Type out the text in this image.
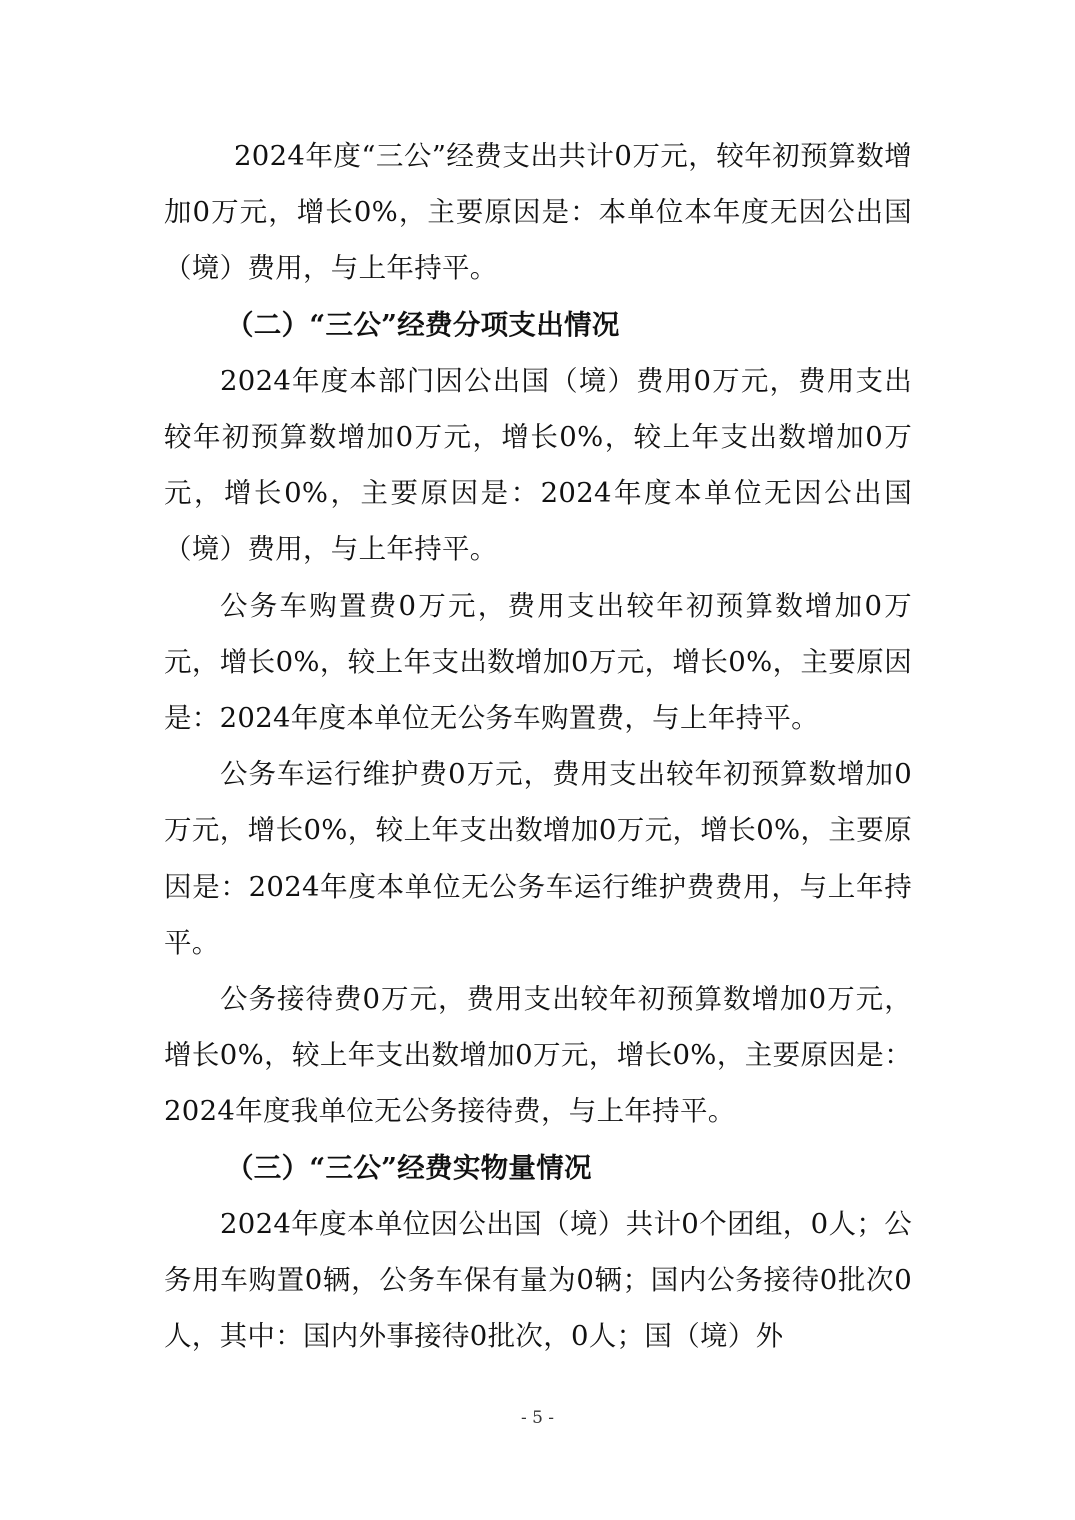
2024年度“三公”经费支出共计0万元，较年初预算数增加0万元，增长0%，主要原因是：本单位本年度无因公出国（境）费用，与上年持平。

（二）“三公”经费分项支出情况

2024年度本部门因公出国（境）费用0万元，费用支出较年初预算数增加0万元，增长0%，较上年支出数增加0万元，增长0%，主要原因是：2024年度本单位无因公出国（境）费用，与上年持平。

公务车购置费0万元，费用支出较年初预算数增加0万元，增长0%，较上年支出数增加0万元，增长0%，主要原因是：2024年度本单位无公务车购置费，与上年持平。

公务车运行维护费0万元，费用支出较年初预算数增加0万元，增长0%，较上年支出数增加0万元，增长0%，主要原因是：2024年度本单位无公务车运行维护费费用，与上年持平。

公务接待费0万元，费用支出较年初预算数增加0万元，增长0%，较上年支出数增加0万元，增长0%，主要原因是：2024年度我单位无公务接待费，与上年持平。

（三）“三公”经费实物量情况

2024年度本单位因公出国（境）共计0个团组，0人；公务用车购置0辆，公务车保有量为0辆；国内公务接待0批次0人，其中：国内外事接待0批次，0人；国（境）外

- 5 -
